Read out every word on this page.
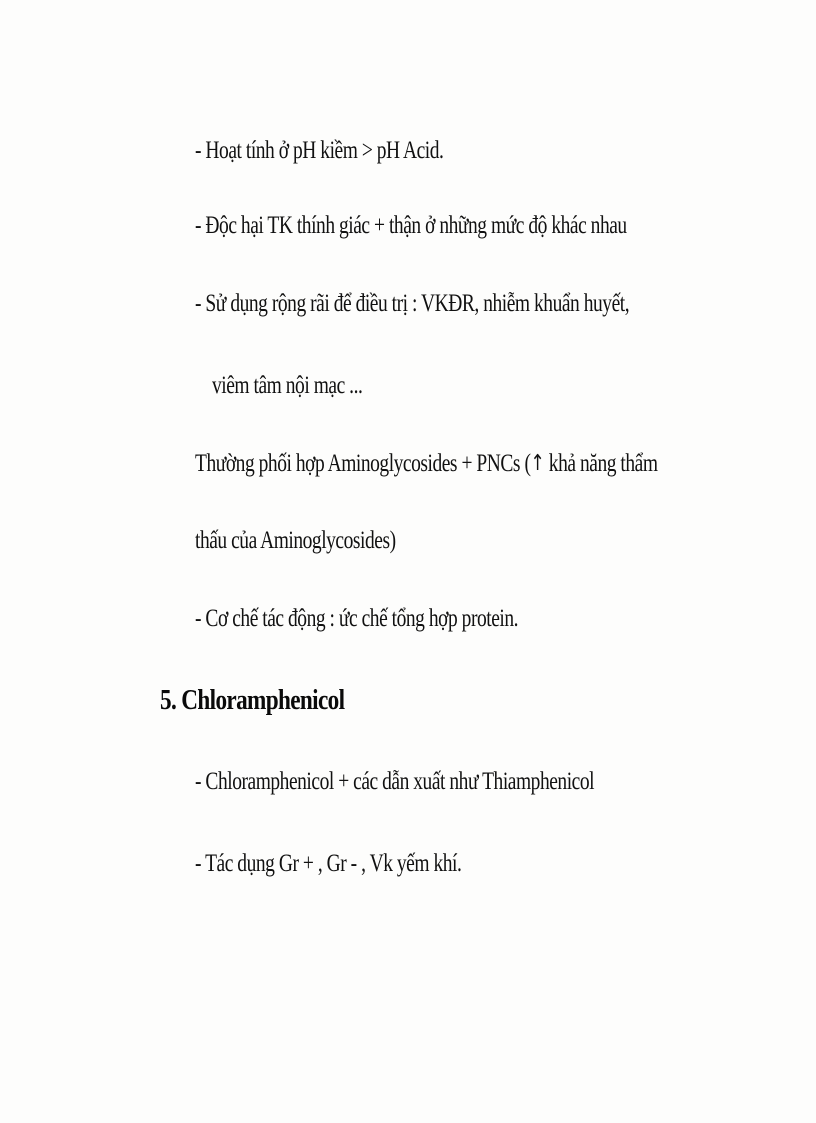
- Hoạt tính ở pH kiềm > pH Acid.
- Độc hại TK thính giác + thận ở những mức độ khác nhau
- Sử dụng rộng rãi để điều trị : VKĐR, nhiễm khuẩn huyết,
viêm tâm nội mạc ...
Thường phối hợp Aminoglycosides + PNCs (↑ khả năng thẩm
thấu của Aminoglycosides)
- Cơ chế tác động : ức chế tổng hợp protein.
5. Chloramphenicol
- Chloramphenicol + các dẫn xuất như Thiamphenicol
- Tác dụng Gr + , Gr - , Vk yếm khí.
